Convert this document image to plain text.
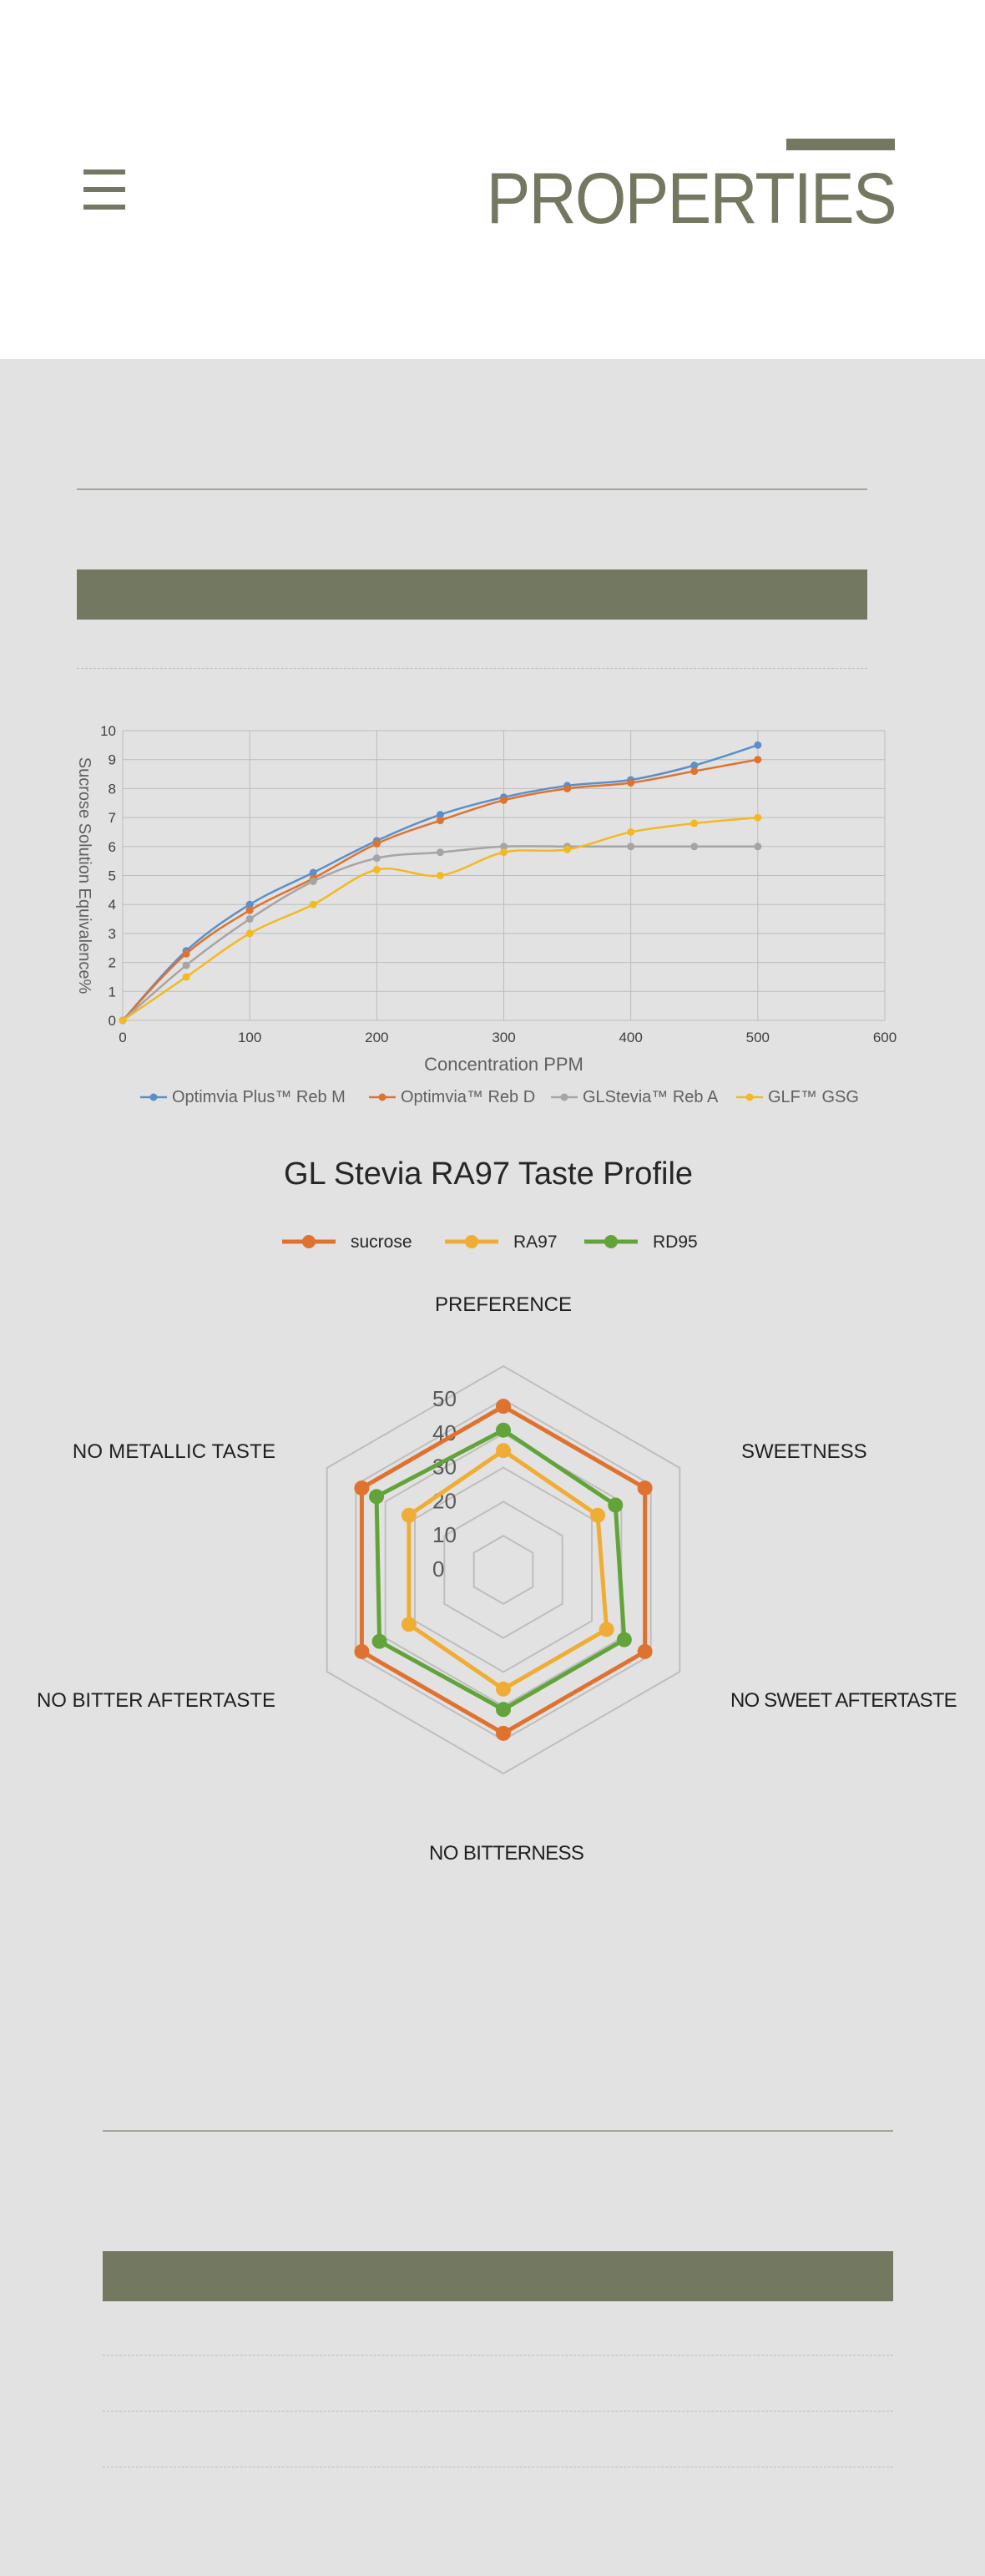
PROPERTIES
0
1
2
3
4
5
6
7
8
9
10
0	100	200	300	400	500	600
Concentration PPM
Sucrose Solution Equivalence%
Optimvia Plus™ Reb M	Optimvia™ Reb D	GLStevia™ Reb A	GLF™ GSG
GL Stevia RA97 Taste Profile
sucrose	RA97	RD95
0
10
20
30
40
50
PREFERENCE
SWEETNESS
NO SWEET AFTERTASTE
NO BITTERNESS
NO BITTER AFTERTASTE
NO METALLIC TASTE
